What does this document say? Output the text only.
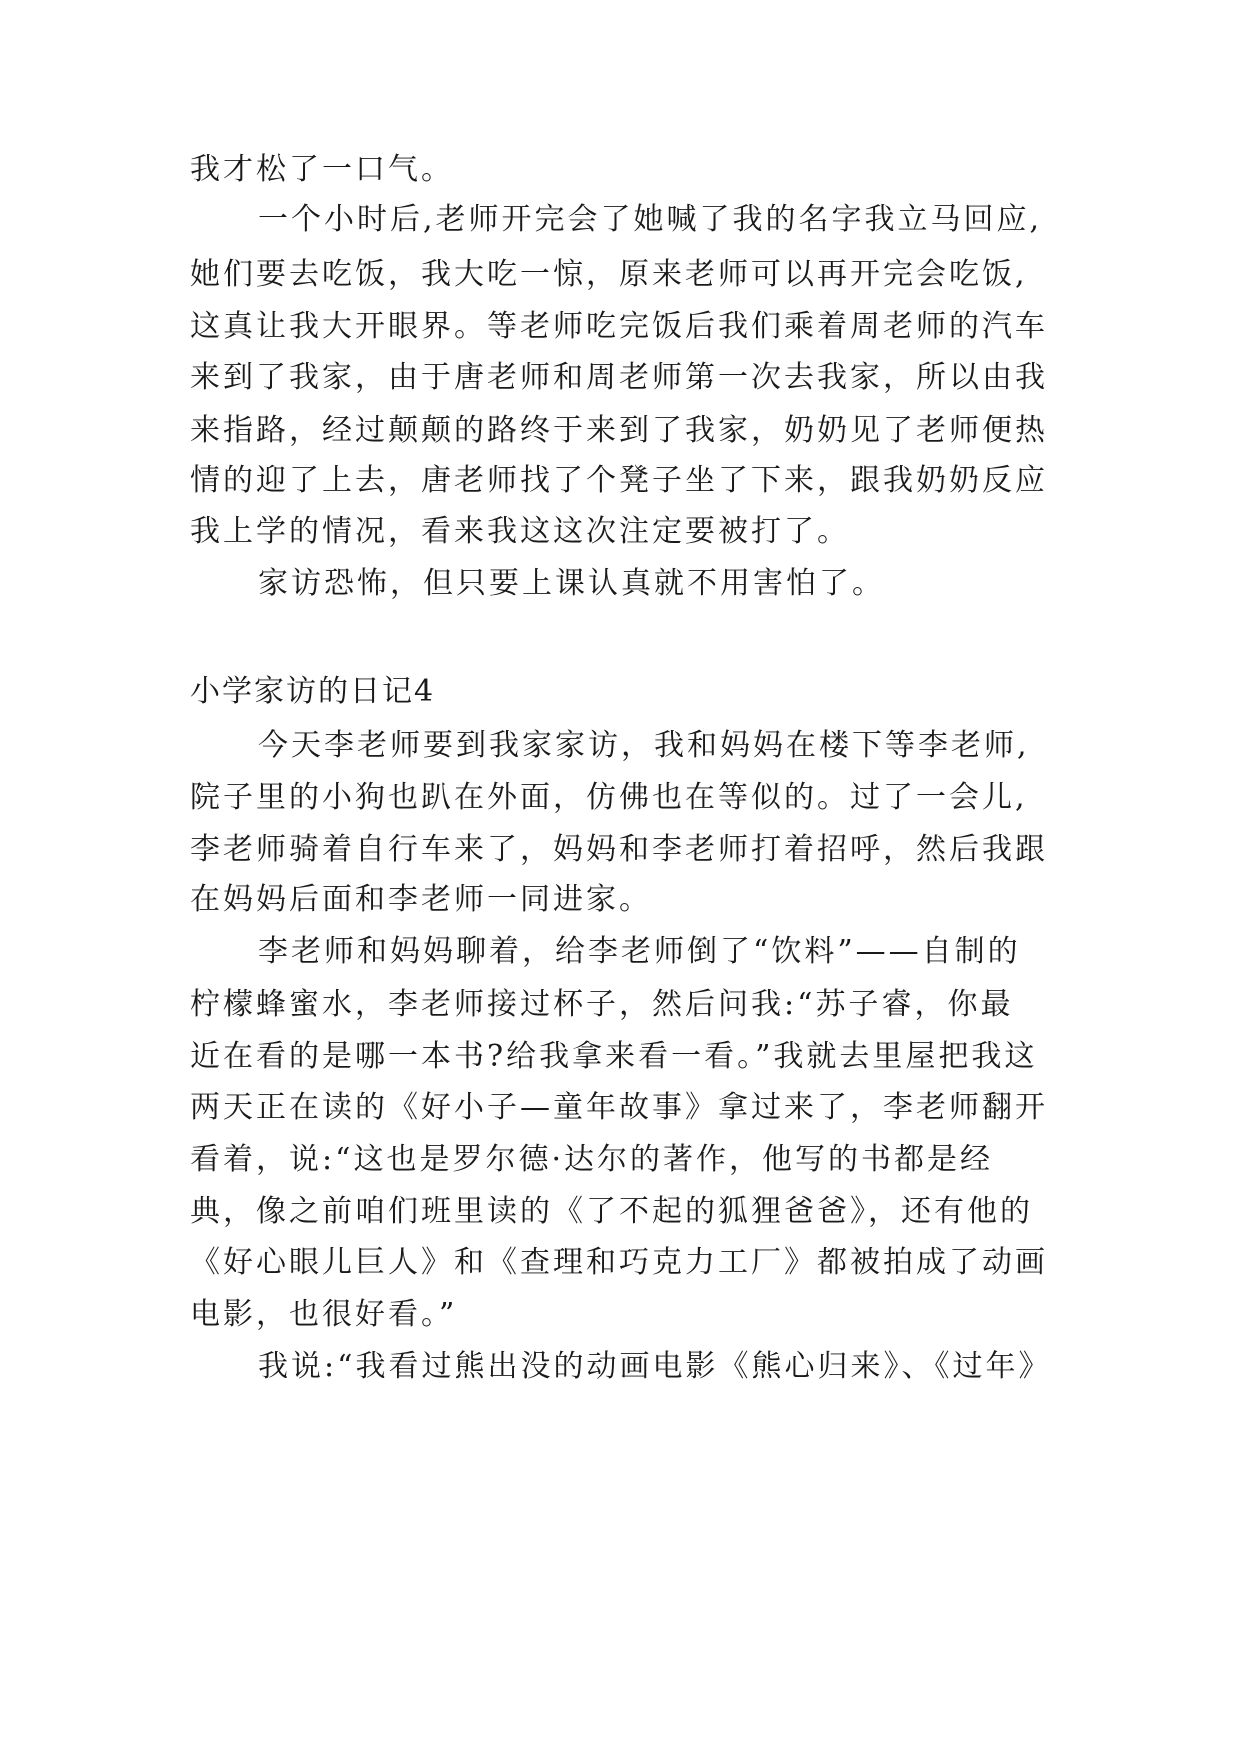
我才松了一口气。
一个小时后,老师开完会了她喊了我的名字我立马回应,
她们要去吃饭，我大吃一惊，原来老师可以再开完会吃饭,
这真让我大开眼界。等老师吃完饭后我们乘着周老师的汽车
来到了我家，由于唐老师和周老师第一次去我家，所以由我
来指路，经过颠颠的路终于来到了我家，奶奶见了老师便热
情的迎了上去，唐老师找了个凳子坐了下来，跟我奶奶反应
我上学的情况，看来我这这次注定要被打了。
家访恐怖，但只要上课认真就不用害怕了。
小学家访的日记4
今天李老师要到我家家访，我和妈妈在楼下等李老师,
院子里的小狗也趴在外面，仿佛也在等似的。过了一会儿,
李老师骑着自行车来了，妈妈和李老师打着招呼，然后我跟
在妈妈后面和李老师一同进家。
李老师和妈妈聊着，给李老师倒了“饮料”——自制的
柠檬蜂蜜水，李老师接过杯子，然后问我:“苏子睿，你最
近在看的是哪一本书?给我拿来看一看。”我就去里屋把我这
两天正在读的《好小子—童年故事》拿过来了，李老师翻开
看着，说:“这也是罗尔德·达尔的著作，他写的书都是经
典，像之前咱们班里读的《了不起的狐狸爸爸》，还有他的
《好心眼儿巨人》和《查理和巧克力工厂》都被拍成了动画
电影，也很好看。”
我说:“我看过熊出没的动画电影《熊心归来》、《过年》
